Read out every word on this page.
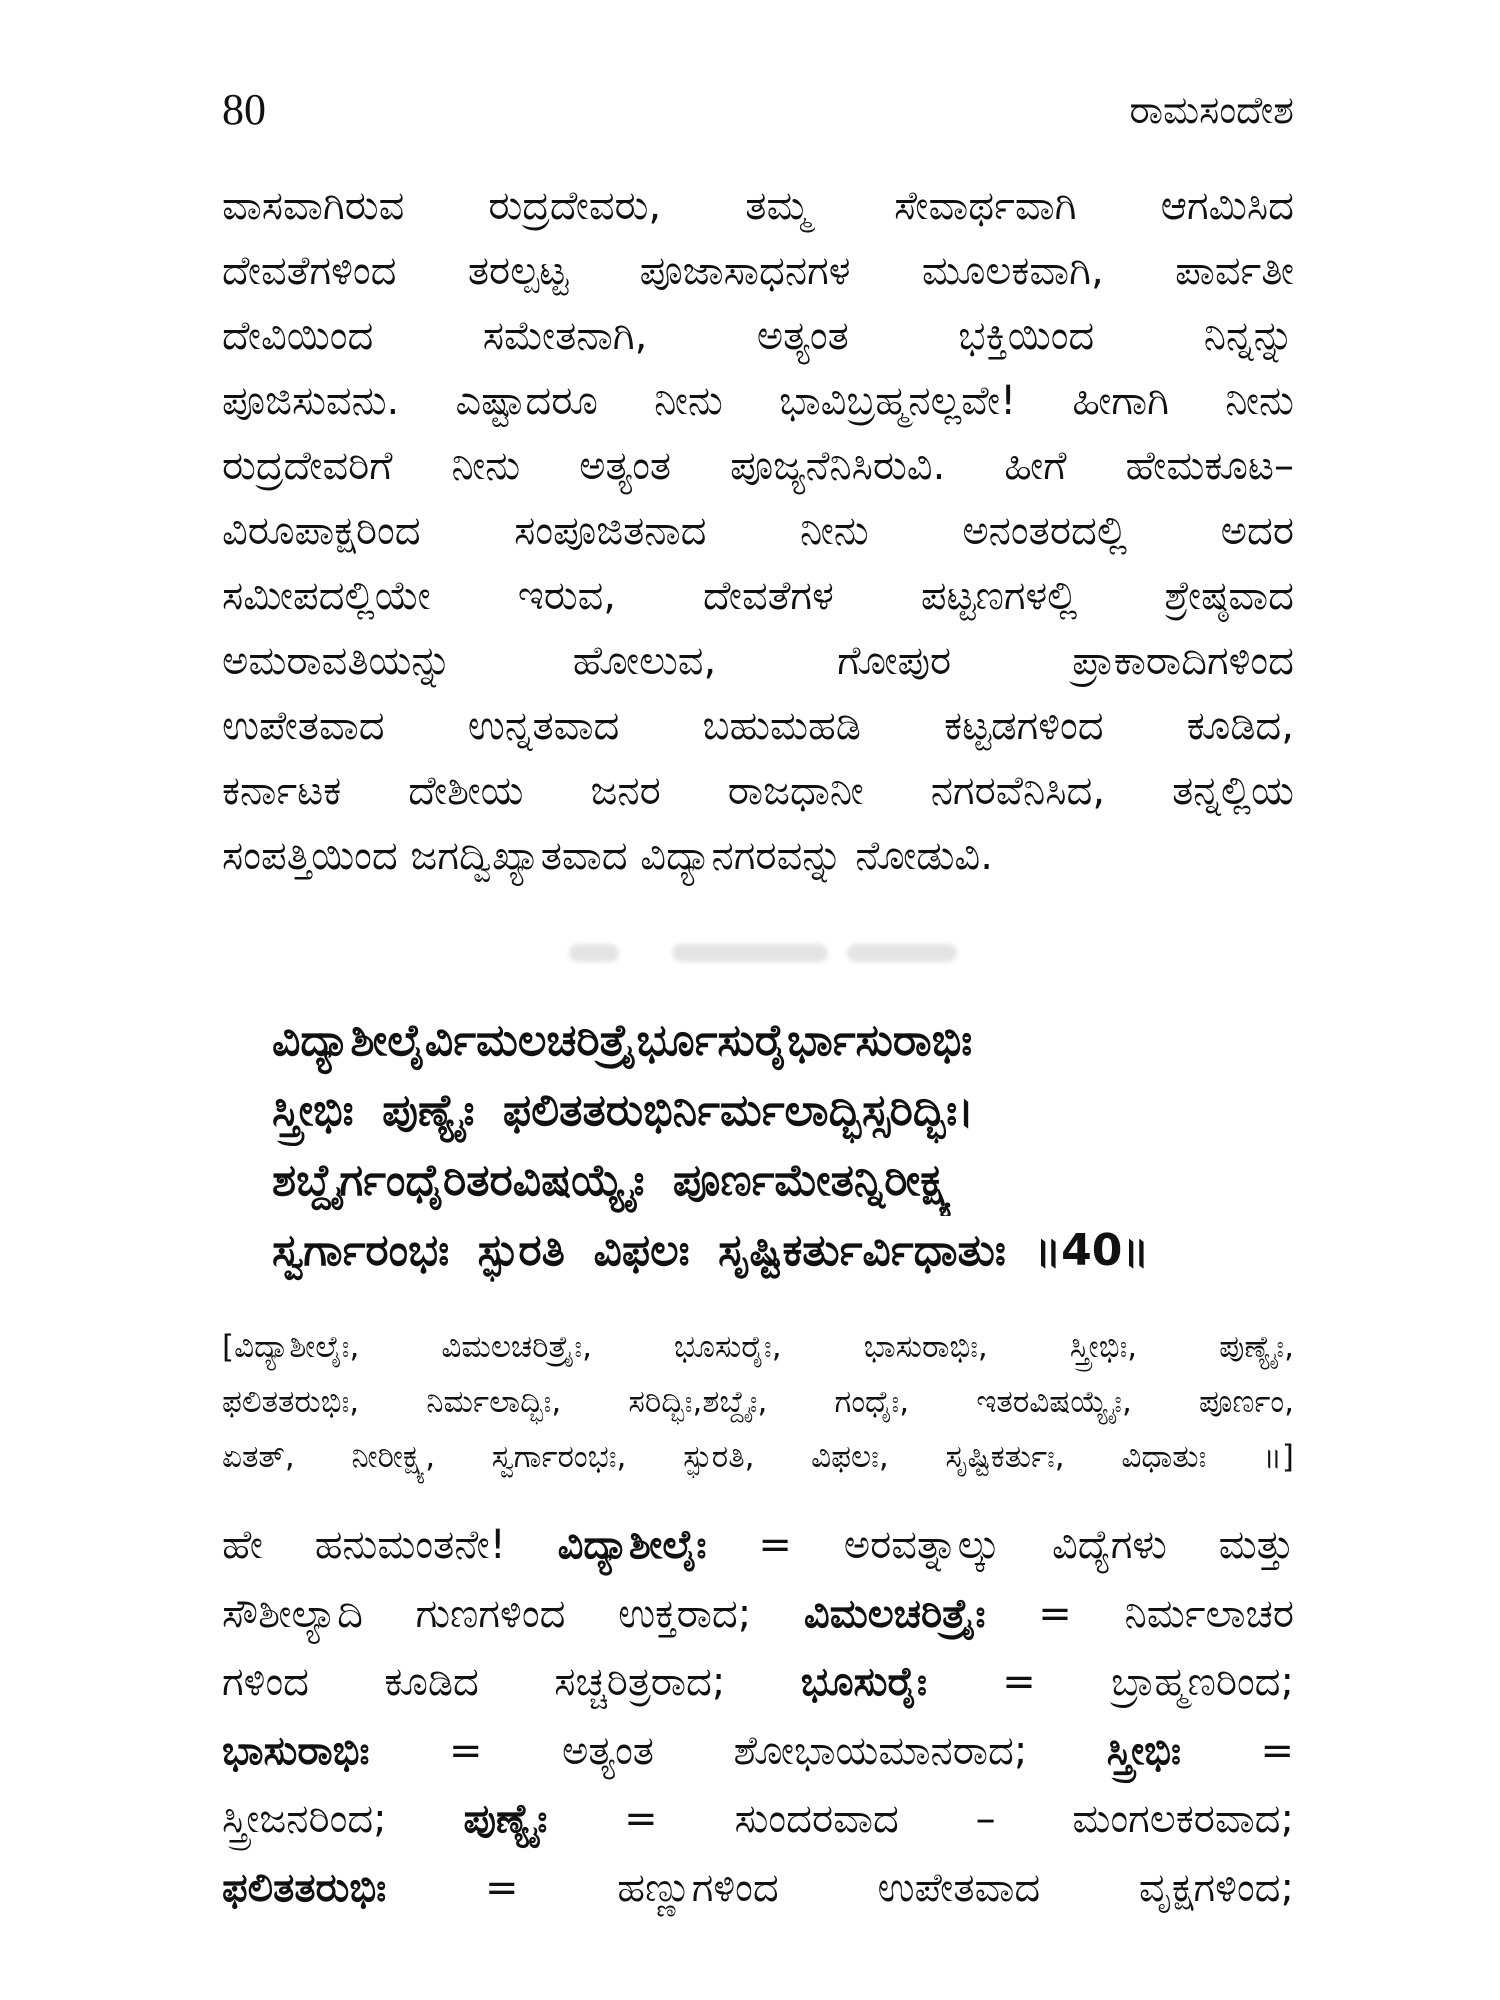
80	ರಾಮಸಂದೇಶ
ವಾಸವಾಗಿರುವ ರುದ್ರದೇವರು, ತಮ್ಮ ಸೇವಾರ್ಥವಾಗಿ ಆಗಮಿಸಿದ
ದೇವತೆಗಳಿಂದ ತರಲ್ಪಟ್ಟ ಪೂಜಾಸಾಧನಗಳ ಮೂಲಕವಾಗಿ, ಪಾರ್ವತೀ
ದೇವಿಯಿಂದ ಸಮೇತನಾಗಿ, ಅತ್ಯಂತ ಭಕ್ತಿಯಿಂದ ನಿನ್ನನ್ನು
ಪೂಜಿಸುವನು. ಎಷ್ಟಾದರೂ ನೀನು ಭಾವಿಬ್ರಹ್ಮನಲ್ಲವೇ! ಹೀಗಾಗಿ ನೀನು
ರುದ್ರದೇವರಿಗೆ ನೀನು ಅತ್ಯಂತ ಪೂಜ್ಯನೆನಿಸಿರುವಿ. ಹೀಗೆ ಹೇಮಕೂಟ–
ವಿರೂಪಾಕ್ಷರಿಂದ ಸಂಪೂಜಿತನಾದ ನೀನು ಅನಂತರದಲ್ಲಿ ಅದರ
ಸಮೀಪದಲ್ಲಿಯೇ ಇರುವ, ದೇವತೆಗಳ ಪಟ್ಟಣಗಳಲ್ಲಿ ಶ್ರೇಷ್ಠವಾದ
ಅಮರಾವತಿಯನ್ನು ಹೋಲುವ, ಗೋಪುರ ಪ್ರಾಕಾರಾದಿಗಳಿಂದ
ಉಪೇತವಾದ ಉನ್ನತವಾದ ಬಹುಮಹಡಿ ಕಟ್ಟಡಗಳಿಂದ ಕೂಡಿದ,
ಕರ್ನಾಟಕ ದೇಶೀಯ ಜನರ ರಾಜಧಾನೀ ನಗರವೆನಿಸಿದ, ತನ್ನಲ್ಲಿಯ
ಸಂಪತ್ತಿಯಿಂದ ಜಗದ್ವಿಖ್ಯಾತವಾದ ವಿದ್ಯಾನಗರವನ್ನು ನೋಡುವಿ.
ವಿದ್ಯಾಶೀಲೈರ್ವಿಮಲಚರಿತ್ರೈರ್ಭೂಸುರೈರ್ಭಾಸುರಾಭಿಃ
ಸ್ತ್ರೀಭಿಃ ಪುಣ್ಯೈಃ ಫಲಿತತರುಭಿರ್ನಿರ್ಮಲಾದ್ಭಿಸ್ಸರಿದ್ಭಿಃ।
ಶಬ್ದೈರ್ಗಂಧೈರಿತರವಿಷಯ್ಯೈಃ ಪೂರ್ಣಮೇತನ್ನಿರೀಕ್ಷ್ಯ
ಸ್ವರ್ಗಾರಂಭಃ ಸ್ಫುರತಿ ವಿಫಲಃ ಸೃಷ್ಟಿಕರ್ತುರ್ವಿಧಾತುಃ ॥40॥
[ವಿದ್ಯಾಶೀಲೈಃ, ವಿಮಲಚರಿತ್ರೈಃ, ಭೂಸುರೈಃ, ಭಾಸುರಾಭಿಃ, ಸ್ತ್ರೀಭಿಃ, ಪುಣ್ಯೈಃ,
ಫಲಿತತರುಭಿಃ, ನಿರ್ಮಲಾದ್ಭಿಃ, ಸರಿದ್ಭಿಃ,ಶಬ್ದೈಃ, ಗಂಧೈಃ, ಇತರವಿಷಯ್ಯೈಃ, ಪೂರ್ಣಂ,
ಏತತ್, ನೀರೀಕ್ಷ್ಯ, ಸ್ವರ್ಗಾರಂಭಃ, ಸ್ಫುರತಿ, ವಿಫಲಃ, ಸೃಷ್ಟಿಕರ್ತುಃ, ವಿಧಾತುಃ ॥]
ಹೇ ಹನುಮಂತನೇ! ವಿದ್ಯಾಶೀಲೈಃ = ಅರವತ್ನಾಲ್ಕು ವಿದ್ಯೆಗಳು ಮತ್ತು
ಸೌಶೀಲ್ಯಾದಿ ಗುಣಗಳಿಂದ ಉಕ್ತರಾದ; ವಿಮಲಚರಿತ್ರೈಃ = ನಿರ್ಮಲಾಚರ
ಗಳಿಂದ ಕೂಡಿದ ಸಚ್ಚರಿತ್ರರಾದ; ಭೂಸುರೈಃ = ಬ್ರಾಹ್ಮಣರಿಂದ;
ಭಾಸುರಾಭಿಃ = ಅತ್ಯಂತ ಶೋಭಾಯಮಾನರಾದ; ಸ್ತ್ರೀಭಿಃ =
ಸ್ತ್ರೀಜನರಿಂದ; ಪುಣ್ಯೈಃ = ಸುಂದರವಾದ – ಮಂಗಲಕರವಾದ;
ಫಲಿತತರುಭಿಃ = ಹಣ್ಣುಗಳಿಂದ ಉಪೇತವಾದ ವೃಕ್ಷಗಳಿಂದ;
